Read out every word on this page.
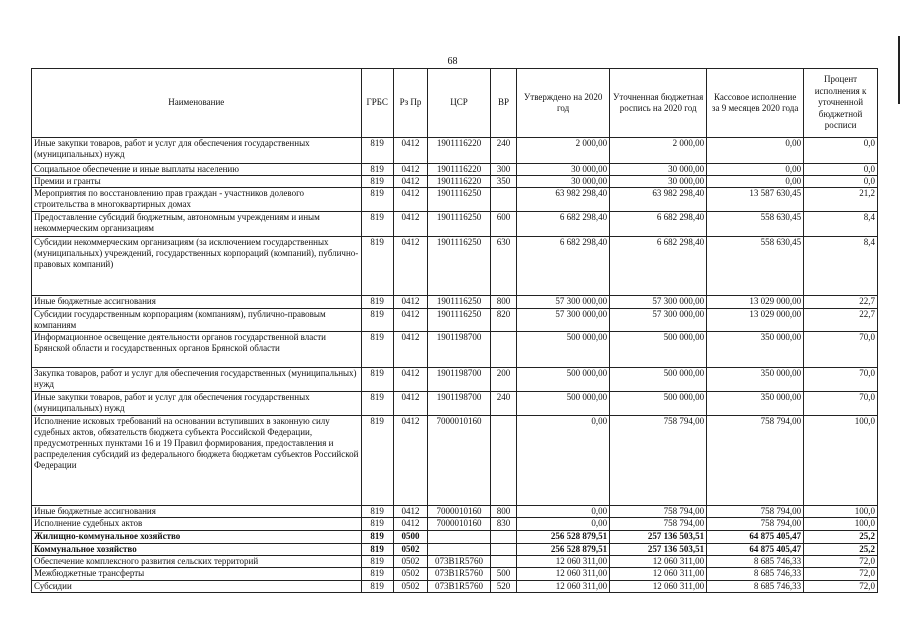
68
Наименование	ГРБС	Рз Пр	ЦСР	ВР	Утверждено на 2020 год	Уточненная бюджетная роспись на 2020 год	Кассовое исполнение за 9 месяцев 2020 года	Процент исполнения к уточненной бюджетной росписи
Иные закупки товаров, работ и услуг для обеспечения государственных (муниципальных) нужд	819	0412	1901116220	240	2 000,00	2 000,00	0,00	0,0
Социальное обеспечение и иные выплаты населению	819	0412	1901116220	300	30 000,00	30 000,00	0,00	0,0
Премии и гранты	819	0412	1901116220	350	30 000,00	30 000,00	0,00	0,0
Мероприятия по восстановлению прав граждан - участников долевого строительства в многоквартирных домах	819	0412	1901116250		63 982 298,40	63 982 298,40	13 587 630,45	21,2
Предоставление субсидий бюджетным, автономным учреждениям и иным некоммерческим организациям	819	0412	1901116250	600	6 682 298,40	6 682 298,40	558 630,45	8,4
Субсидии некоммерческим организациям (за исключением государственных (муниципальных) учреждений, государственных корпораций (компаний), публично-правовых компаний)	819	0412	1901116250	630	6 682 298,40	6 682 298,40	558 630,45	8,4
Иные бюджетные ассигнования	819	0412	1901116250	800	57 300 000,00	57 300 000,00	13 029 000,00	22,7
Субсидии государственным корпорациям (компаниям), публично-правовым компаниям	819	0412	1901116250	820	57 300 000,00	57 300 000,00	13 029 000,00	22,7
Информационное освещение деятельности органов государственной власти Брянской области и государственных органов Брянской области	819	0412	1901198700		500 000,00	500 000,00	350 000,00	70,0
Закупка товаров, работ и услуг для обеспечения государственных (муниципальных) нужд	819	0412	1901198700	200	500 000,00	500 000,00	350 000,00	70,0
Иные закупки товаров, работ и услуг для обеспечения государственных (муниципальных) нужд	819	0412	1901198700	240	500 000,00	500 000,00	350 000,00	70,0
Исполнение исковых требований на основании вступивших в законную силу судебных актов, обязательств бюджета субъекта Российской Федерации, предусмотренных пунктами 16 и 19 Правил формирования, предоставления и распределения субсидий из федерального бюджета бюджетам субъектов Российской Федерации	819	0412	7000010160		0,00	758 794,00	758 794,00	100,0
Иные бюджетные ассигнования	819	0412	7000010160	800	0,00	758 794,00	758 794,00	100,0
Исполнение судебных актов	819	0412	7000010160	830	0,00	758 794,00	758 794,00	100,0
Жилищно-коммунальное хозяйство	819	0500			256 528 879,51	257 136 503,51	64 875 405,47	25,2
Коммунальное хозяйство	819	0502			256 528 879,51	257 136 503,51	64 875 405,47	25,2
Обеспечение комплексного развития сельских территорий	819	0502	073B1R5760		12 060 311,00	12 060 311,00	8 685 746,33	72,0
Межбюджетные трансферты	819	0502	073B1R5760	500	12 060 311,00	12 060 311,00	8 685 746,33	72,0
Субсидии	819	0502	073B1R5760	520	12 060 311,00	12 060 311,00	8 685 746,33	72,0
